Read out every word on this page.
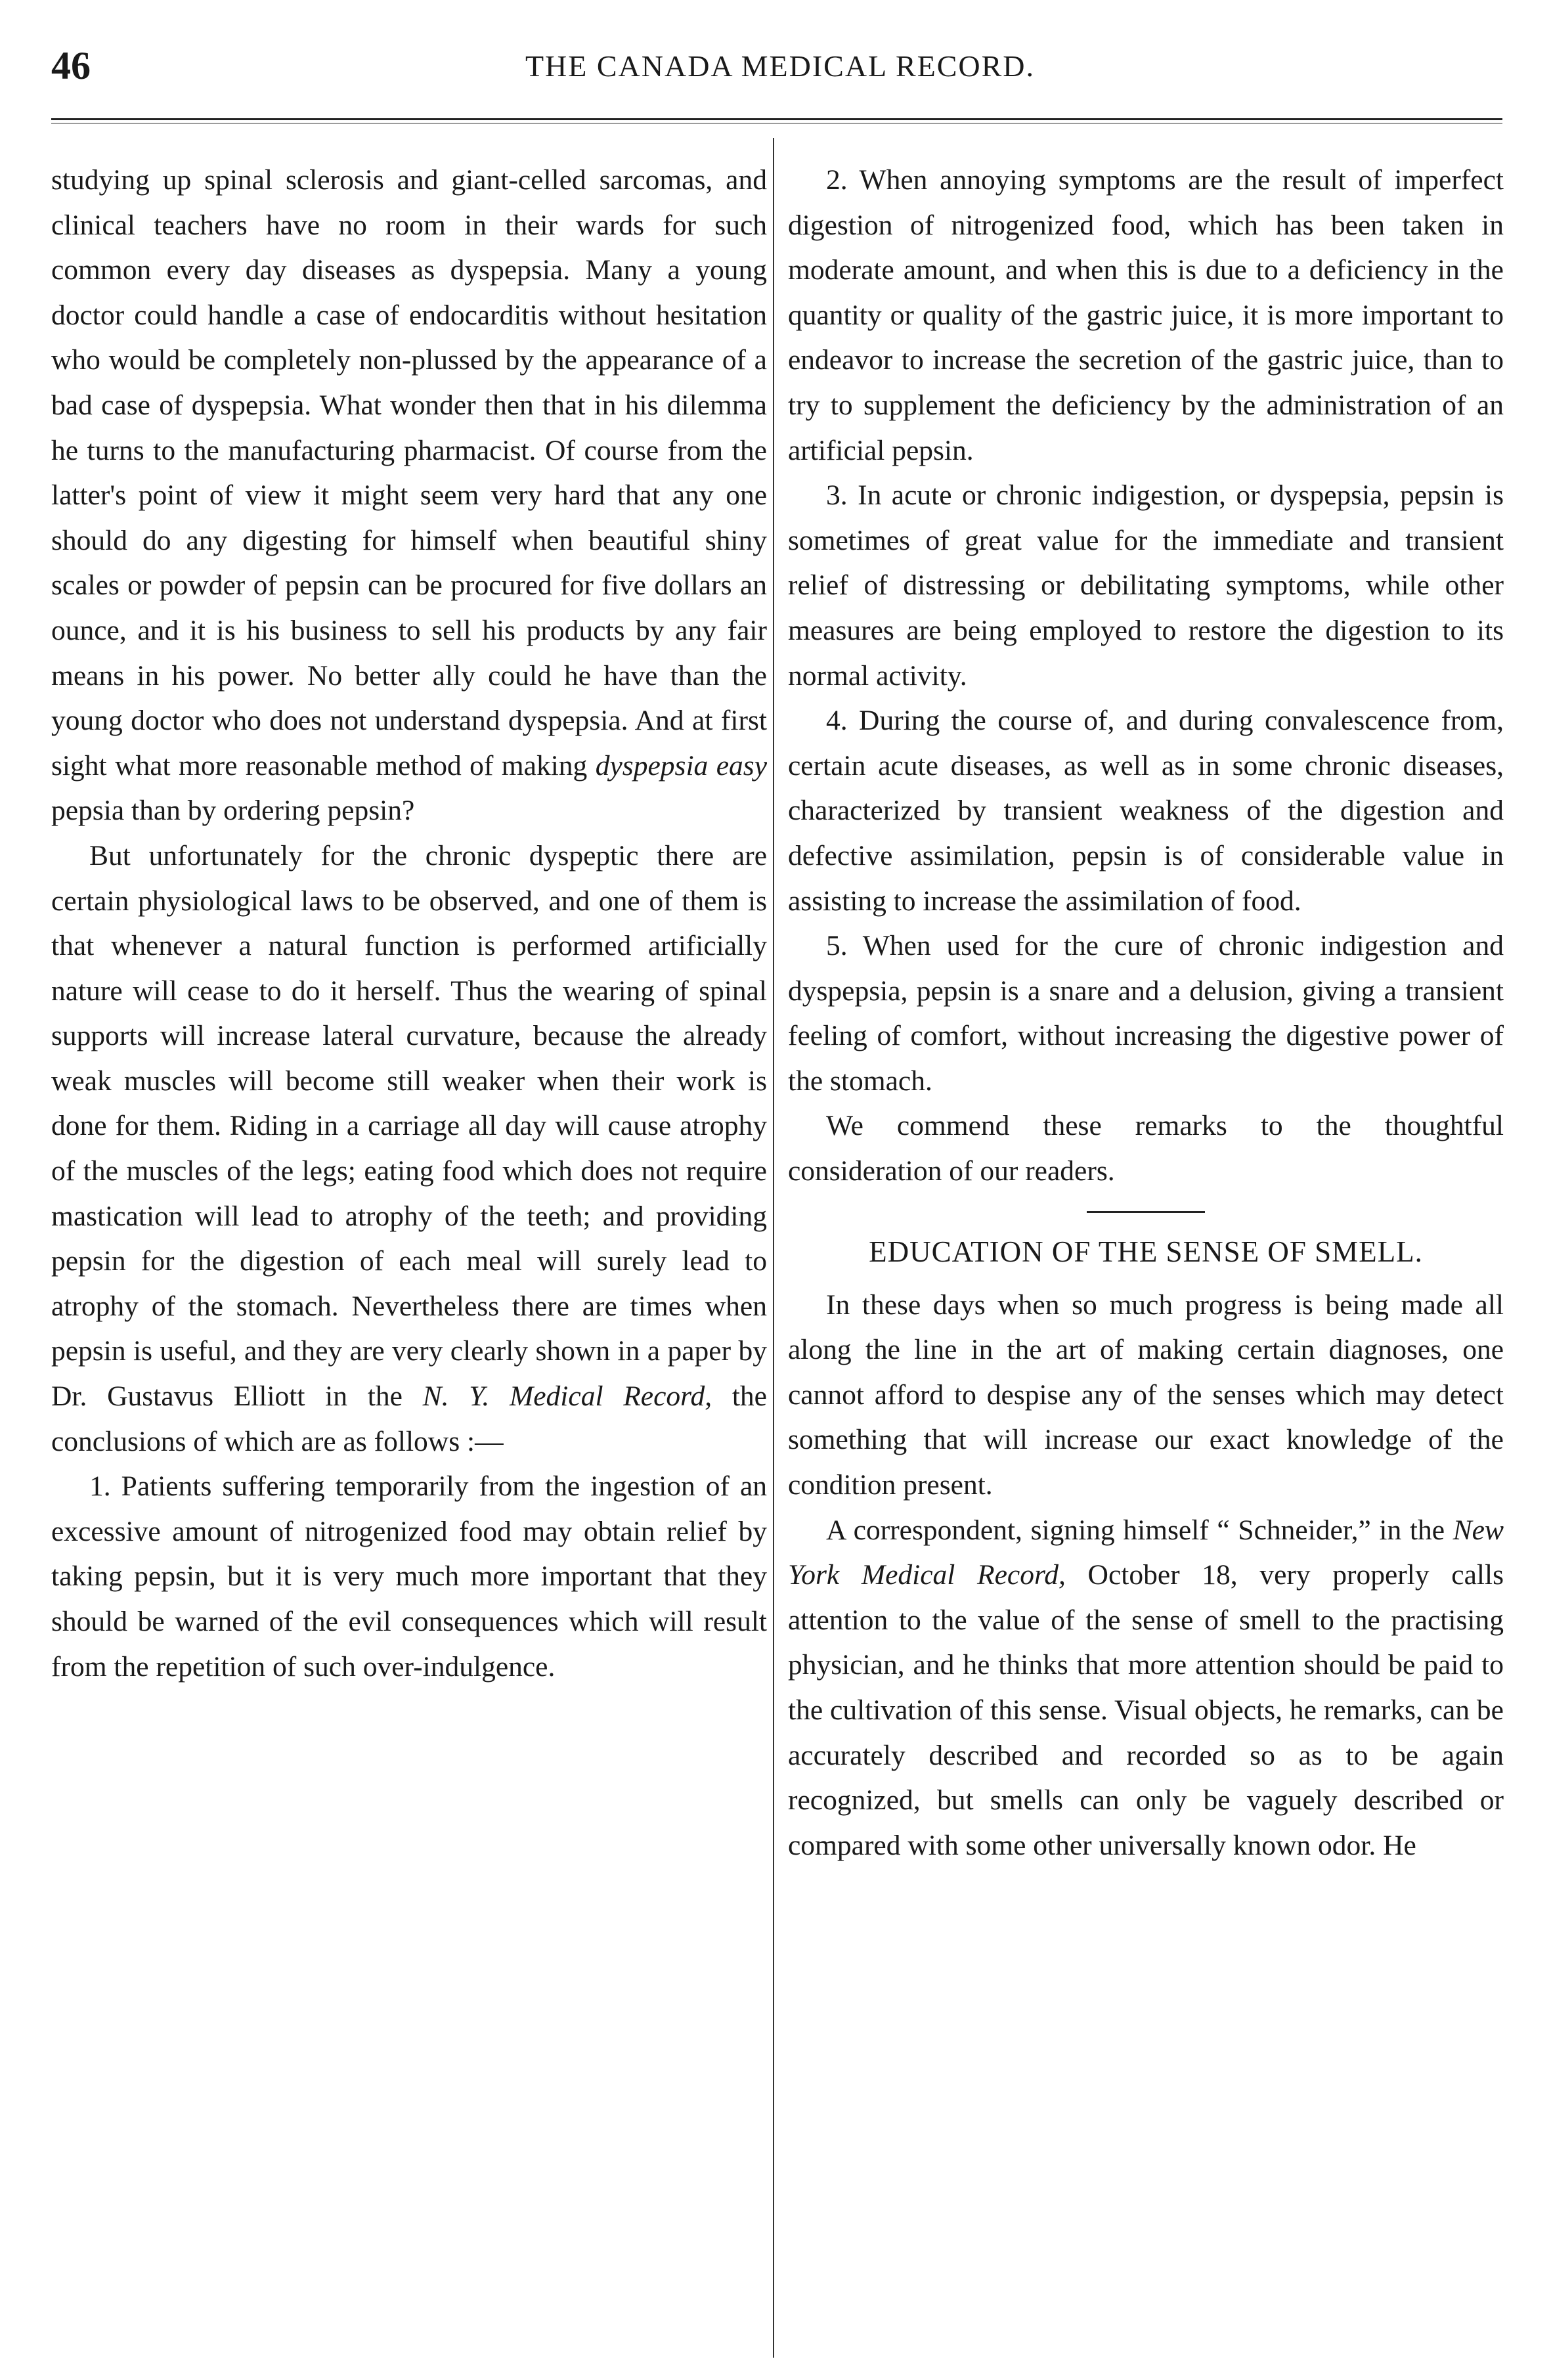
46	THE CANADA MEDICAL RECORD.

studying up spinal sclerosis and giant-celled sarcomas, and clinical teachers have no room in their wards for such common every day diseases as dyspepsia. Many a young doctor could handle a case of endocarditis without hesitation who would be completely non-plussed by the appearance of a bad case of dyspepsia. What wonder then that in his dilemma he turns to the manufacturing pharmacist. Of course from the latter's point of view it might seem very hard that any one should do any digesting for himself when beautiful shiny scales or powder of pepsin can be procured for five dollars an ounce, and it is his business to sell his products by any fair means in his power. No better ally could he have than the young doctor who does not understand dyspepsia. And at first sight what more reasonable method of making dyspepsia easy pepsia than by ordering pepsin?

But unfortunately for the chronic dyspeptic there are certain physiological laws to be observed, and one of them is that whenever a natural function is performed artificially nature will cease to do it herself. Thus the wearing of spinal supports will increase lateral curvature, because the already weak muscles will become still weaker when their work is done for them. Riding in a carriage all day will cause atrophy of the muscles of the legs; eating food which does not require mastication will lead to atrophy of the teeth; and providing pepsin for the digestion of each meal will surely lead to atrophy of the stomach. Nevertheless there are times when pepsin is useful, and they are very clearly shown in a paper by Dr. Gustavus Elliott in the N. Y. Medical Record, the conclusions of which are as follows :—

1. Patients suffering temporarily from the ingestion of an excessive amount of nitrogenized food may obtain relief by taking pepsin, but it is very much more important that they should be warned of the evil consequences which will result from the repetition of such over-indulgence.

2. When annoying symptoms are the result of imperfect digestion of nitrogenized food, which has been taken in moderate amount, and when this is due to a deficiency in the quantity or quality of the gastric juice, it is more important to endeavor to increase the secretion of the gastric juice, than to try to supplement the deficiency by the administration of an artificial pepsin.

3. In acute or chronic indigestion, or dyspepsia, pepsin is sometimes of great value for the immediate and transient relief of distressing or debilitating symptoms, while other measures are being employed to restore the digestion to its normal activity.

4. During the course of, and during convalescence from, certain acute diseases, as well as in some chronic diseases, characterized by transient weakness of the digestion and defective assimilation, pepsin is of considerable value in assisting to increase the assimilation of food.

5. When used for the cure of chronic indigestion and dyspepsia, pepsin is a snare and a delusion, giving a transient feeling of comfort, without increasing the digestive power of the stomach.

We commend these remarks to the thoughtful consideration of our readers.

EDUCATION OF THE SENSE OF SMELL.

In these days when so much progress is being made all along the line in the art of making certain diagnoses, one cannot afford to despise any of the senses which may detect something that will increase our exact knowledge of the condition present.

A correspondent, signing himself “ Schneider,” in the New York Medical Record, October 18, very properly calls attention to the value of the sense of smell to the practising physician, and he thinks that more attention should be paid to the cultivation of this sense. Visual objects, he remarks, can be accurately described and recorded so as to be again recognized, but smells can only be vaguely described or compared with some other universally known odor. He
